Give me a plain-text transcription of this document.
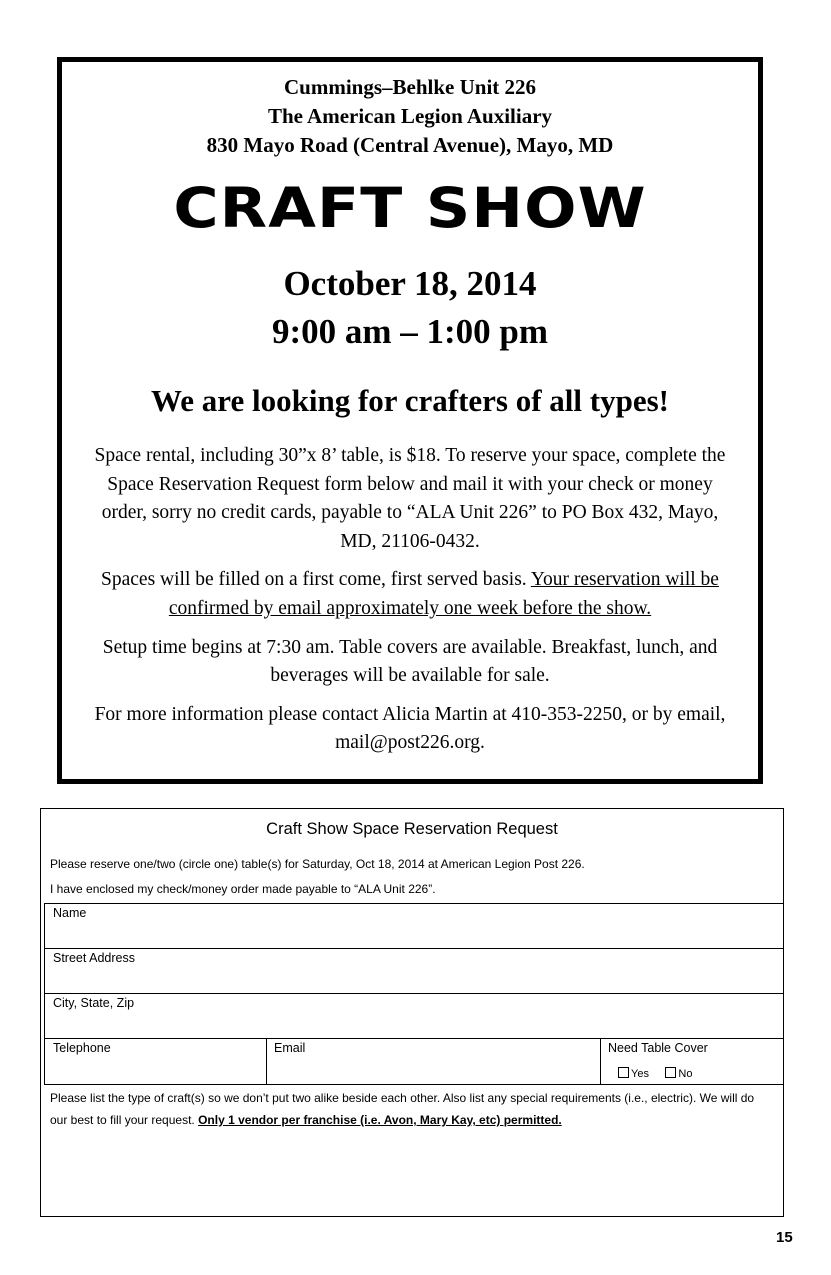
Cummings–Behlke Unit 226
The American Legion Auxiliary
830 Mayo Road (Central Avenue), Mayo, MD
CRAFT SHOW
October 18, 2014
9:00 am – 1:00 pm
We are looking for crafters of all types!

Space rental, including 30”x 8’ table, is $18. To reserve your space, complete the Space Reservation Request form below and mail it with your check or money order, sorry no credit cards, payable to “ALA Unit 226” to PO Box 432, Mayo, MD, 21106-0432.

Spaces will be filled on a first come, first served basis. Your reservation will be confirmed by email approximately one week before the show.

Setup time begins at 7:30 am. Table covers are available. Breakfast, lunch, and beverages will be available for sale.

For more information please contact Alicia Martin at 410-353-2250, or by email, mail@post226.org.

Craft Show Space Reservation Request
Please reserve one/two (circle one) table(s) for Saturday, Oct 18, 2014 at American Legion Post 226.
I have enclosed my check/money order made payable to “ALA Unit 226”.
Name
Street Address
City, State, Zip
Telephone	Email	Need Table Cover
Yes	No
Please list the type of craft(s) so we don’t put two alike beside each other. Also list any special requirements (i.e., electric). We will do our best to fill your request. Only 1 vendor per franchise (i.e. Avon, Mary Kay, etc) permitted.
15
